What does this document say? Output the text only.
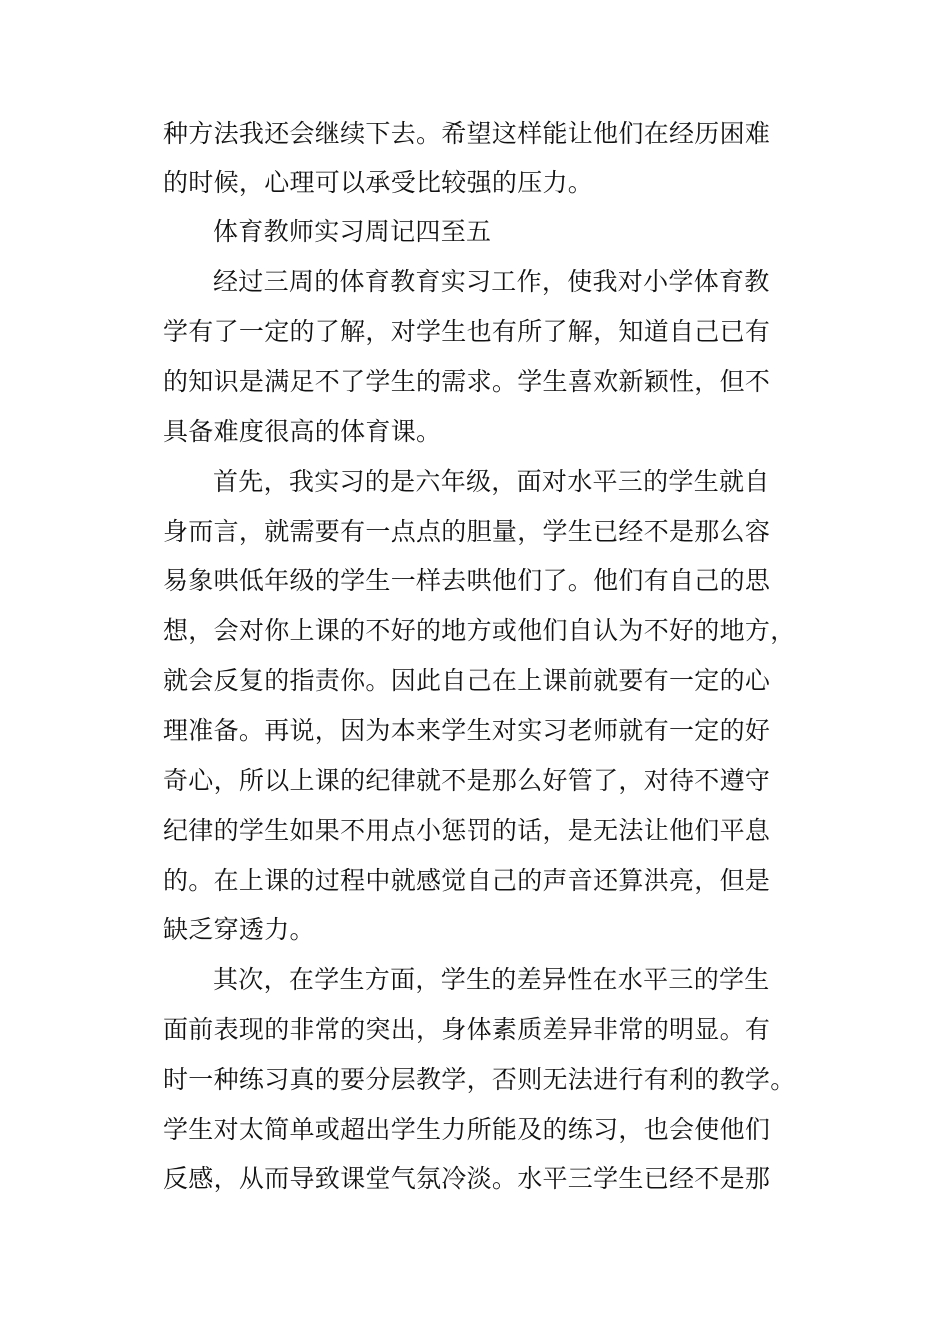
种方法我还会继续下去。希望这样能让他们在经历困难
的时候，心理可以承受比较强的压力。
体育教师实习周记四至五
经过三周的体育教育实习工作，使我对小学体育教
学有了一定的了解，对学生也有所了解，知道自己已有
的知识是满足不了学生的需求。学生喜欢新颖性，但不
具备难度很高的体育课。
首先，我实习的是六年级，面对水平三的学生就自
身而言，就需要有一点点的胆量，学生已经不是那么容
易象哄低年级的学生一样去哄他们了。他们有自己的思
想，会对你上课的不好的地方或他们自认为不好的地方，
就会反复的指责你。因此自己在上课前就要有一定的心
理准备。再说，因为本来学生对实习老师就有一定的好
奇心，所以上课的纪律就不是那么好管了，对待不遵守
纪律的学生如果不用点小惩罚的话，是无法让他们平息
的。在上课的过程中就感觉自己的声音还算洪亮，但是
缺乏穿透力。
其次，在学生方面，学生的差异性在水平三的学生
面前表现的非常的突出，身体素质差异非常的明显。有
时一种练习真的要分层教学，否则无法进行有利的教学。
学生对太简单或超出学生力所能及的练习，也会使他们
反感，从而导致课堂气氛冷淡。水平三学生已经不是那
